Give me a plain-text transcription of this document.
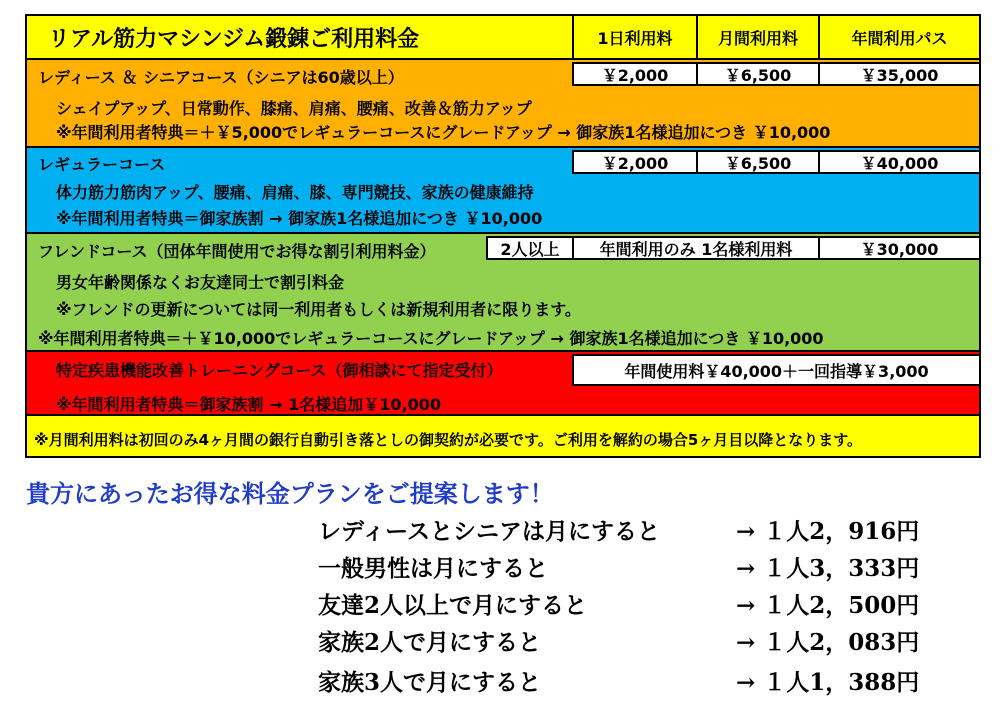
リアル筋力マシンジム鍛錬ご利用料金	1日利用料	月間利用料	年間利用パス
レディース ＆ シニアコース（シニアは60歳以上）	￥2,000	￥6,500	￥35,000
シェイプアップ、日常動作、膝痛、肩痛、腰痛、改善＆筋力アップ
※年間利用者特典＝＋￥5,000でレギュラーコースにグレードアップ → 御家族1名様追加につき ￥10,000
レギュラーコース	￥2,000	￥6,500	￥40,000
体力筋力筋肉アップ、腰痛、肩痛、膝、専門競技、家族の健康維持
※年間利用者特典＝御家族割 → 御家族1名様追加につき ￥10,000
フレンドコース（団体年間使用でお得な割引利用料金）	2人以上	年間利用のみ 1名様利用料	￥30,000
男女年齢関係なくお友達同士で割引料金
※フレンドの更新については同一利用者もしくは新規利用者に限ります。
※年間利用者特典＝＋￥10,000でレギュラーコースにグレードアップ → 御家族1名様追加につき ￥10,000
特定疾患機能改善トレーニングコース（御相談にて指定受付）	年間使用料￥40,000＋一回指導￥3,000
※年間利用者特典＝御家族割 → 1名様追加￥10,000
※月間利用料は初回のみ4ヶ月間の銀行自動引き落としの御契約が必要です。ご利用を解約の場合5ヶ月目以降となります。
貴方にあったお得な料金プランをご提案します！
レディースとシニアは月にすると	→ １人2，916円
一般男性は月にすると	→ １人3，333円
友達2人以上で月にすると	→ １人2，500円
家族2人で月にすると	→ １人2，083円
家族3人で月にすると	→ １人1，388円
